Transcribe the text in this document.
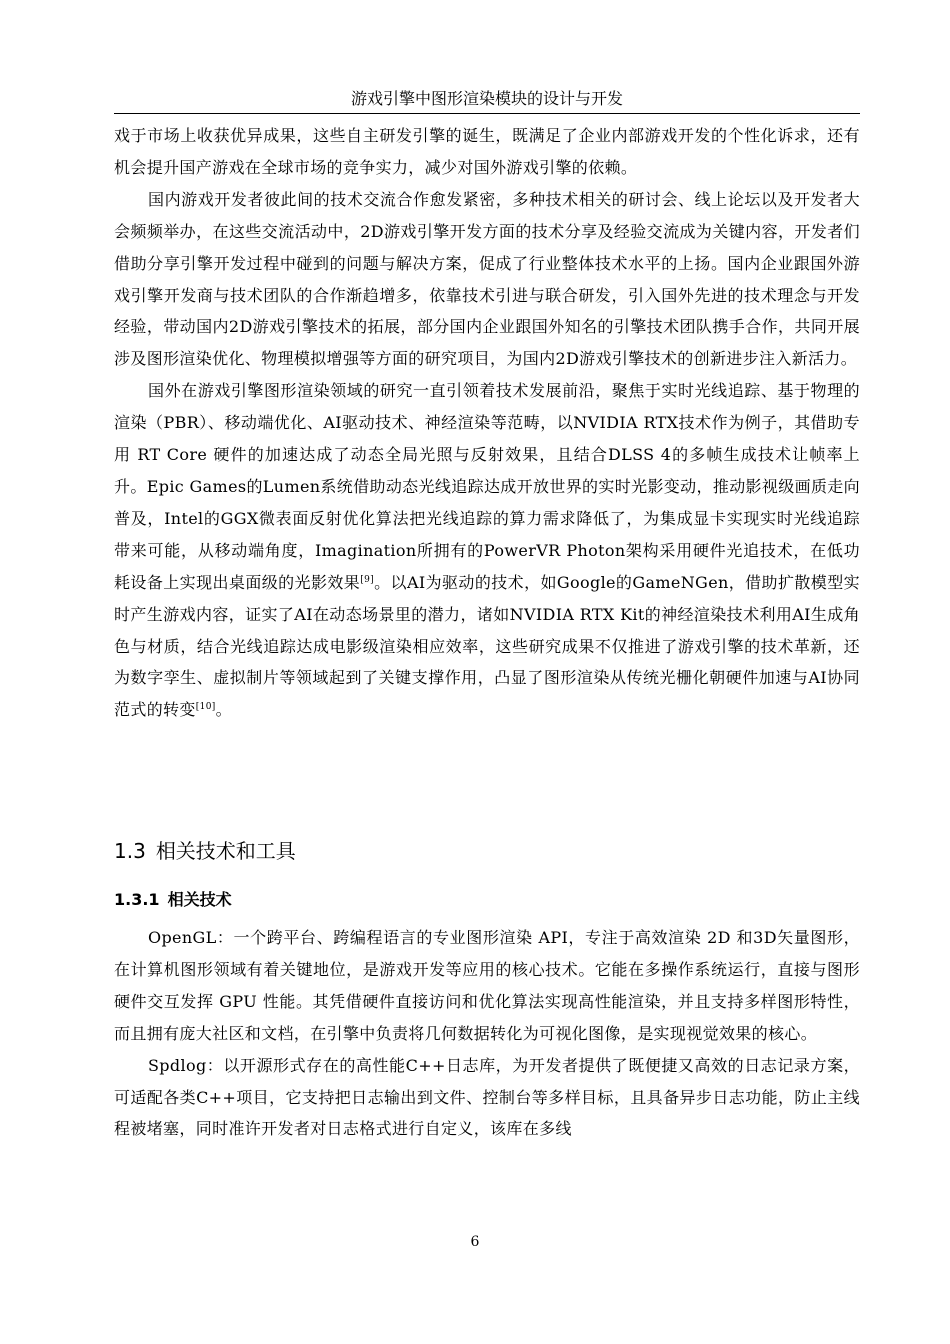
游戏引擎中图形渲染模块的设计与开发

戏于市场上收获优异成果，这些自主研发引擎的诞生，既满足了企业内部游戏开发的个性化诉求，还有机会提升国产游戏在全球市场的竞争实力，减少对国外游戏引擎的依赖。

国内游戏开发者彼此间的技术交流合作愈发紧密，多种技术相关的研讨会、线上论坛以及开发者大会频频举办，在这些交流活动中，2D游戏引擎开发方面的技术分享及经验交流成为关键内容，开发者们借助分享引擎开发过程中碰到的问题与解决方案，促成了行业整体技术水平的上扬。国内企业跟国外游戏引擎开发商与技术团队的合作渐趋增多，依靠技术引进与联合研发，引入国外先进的技术理念与开发经验，带动国内2D游戏引擎技术的拓展，部分国内企业跟国外知名的引擎技术团队携手合作，共同开展涉及图形渲染优化、物理模拟增强等方面的研究项目，为国内2D游戏引擎技术的创新进步注入新活力。

国外在游戏引擎图形渲染领域的研究一直引领着技术发展前沿，聚焦于实时光线追踪、基于物理的渲染（PBR）、移动端优化、AI驱动技术、神经渲染等范畴，以NVIDIA RTX技术作为例子，其借助专用 RT Core 硬件的加速达成了动态全局光照与反射效果，且结合DLSS 4的多帧生成技术让帧率上升。Epic Games的Lumen系统借助动态光线追踪达成开放世界的实时光影变动，推动影视级画质走向普及，Intel的GGX微表面反射优化算法把光线追踪的算力需求降低了，为集成显卡实现实时光线追踪带来可能，从移动端角度，Imagination所拥有的PowerVR Photon架构采用硬件光追技术，在低功耗设备上实现出桌面级的光影效果[9]。以AI为驱动的技术，如Google的GameNGen，借助扩散模型实时产生游戏内容，证实了AI在动态场景里的潜力，诸如NVIDIA RTX Kit的神经渲染技术利用AI生成角色与材质，结合光线追踪达成电影级渲染相应效率，这些研究成果不仅推进了游戏引擎的技术革新，还为数字孪生、虚拟制片等领域起到了关键支撑作用，凸显了图形渲染从传统光栅化朝硬件加速与AI协同范式的转变[10]。

1.3 相关技术和工具
1.3.1 相关技术

OpenGL：一个跨平台、跨编程语言的专业图形渲染 API，专注于高效渲染 2D 和3D矢量图形，在计算机图形领域有着关键地位，是游戏开发等应用的核心技术。它能在多操作系统运行，直接与图形硬件交互发挥 GPU 性能。其凭借硬件直接访问和优化算法实现高性能渲染，并且支持多样图形特性，而且拥有庞大社区和文档，在引擎中负责将几何数据转化为可视化图像，是实现视觉效果的核心。

Spdlog：以开源形式存在的高性能C++日志库，为开发者提供了既便捷又高效的日志记录方案，可适配各类C++项目，它支持把日志输出到文件、控制台等多样目标，且具备异步日志功能，防止主线程被堵塞，同时准许开发者对日志格式进行自定义，该库在多线

6
